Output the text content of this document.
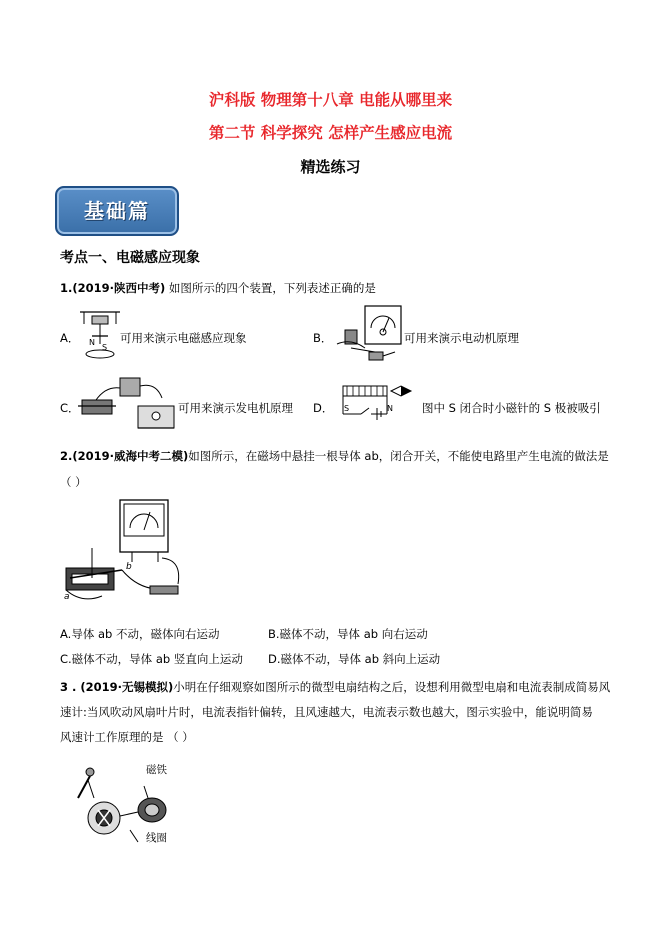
沪科版 物理第十八章 电能从哪里来
第二节 科学探究 怎样产生感应电流
精选练习
基础篇
考点一、电磁感应现象
1.(2019·陕西中考) 如图所示的四个装置，下列表述正确的是
A． N
S
可用来演示电磁感应现象	B．	可用来演示电动机原理
C．	可用来演示发电机原理 D． S	N	图中 S 闭合时小磁针的 S 极被吸引
2.(2019·威海中考二模)如图所示，在磁场中悬挂一根导体 ab，闭合开关，不能使电路里产生电流的做法是
（ ）
a
b
A.导体 ab 不动，磁体向右运动	B.磁体不动，导体 ab 向右运动
C.磁体不动，导体 ab 竖直向上运动 D.磁体不动，导体 ab 斜向上运动
3 . (2019·无锡模拟)小明在仔细观察如图所示的微型电扇结构之后，设想利用微型电扇和电流表制成简易风
速计:当风吹动风扇叶片时，电流表指针偏转，且风速越大，电流表示数也越大，图示实验中，能说明简易
风速计工作原理的是 （ ）
磁铁
线圈
